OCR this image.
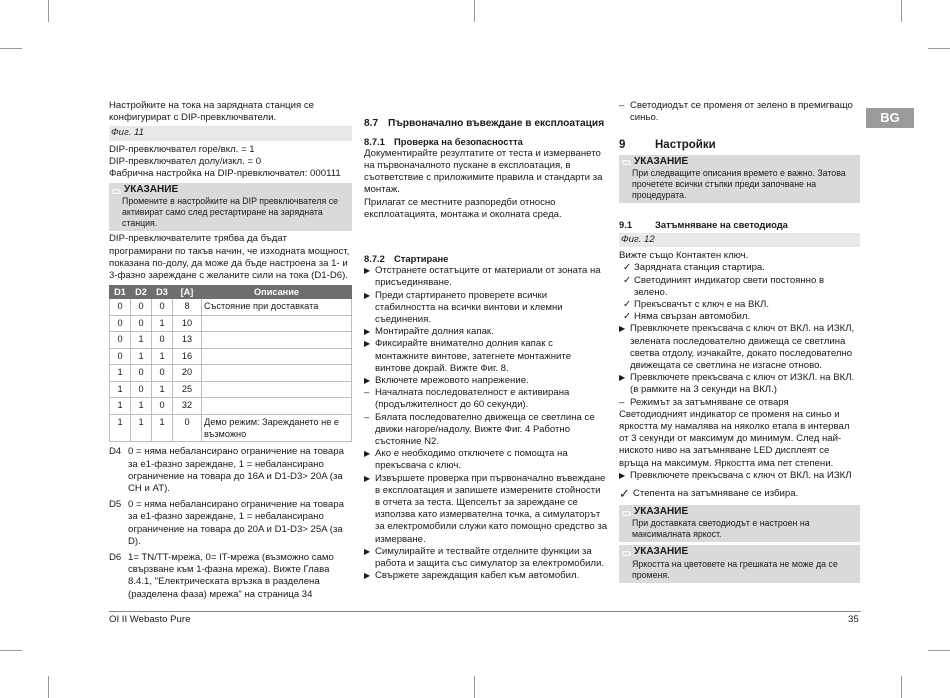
BG

Настройките на тока на зарядната станция се конфигурират с DIP-превключватели.

Фиг. 11

DIP-превключвател горе/вкл. = 1

DIP-превключвател долу/изкл. = 0

Фабрична настройка на DIP-превключвател: 000111

УКАЗАНИЕ
Промените в настройките на DIP превключвателя се активират само след рестартиране на зарядната станция.

DIP-превключвателите трябва да бъдат програмирани по такъв начин, че изходната мощност, показана по-долу, да може да бъде настроена за 1- и 3-фазно зареждане с желаните сили на тока (D1-D6).

D1	D2	D3	[A]	Описание
0	0	0	8	Състояние при доставката
0	0	1	10	
0	1	0	13	
0	1	1	16	
1	0	0	20	
1	0	1	25	
1	1	0	32	
1	1	1	0	Демо режим: Зареждането не е възможно
D4 0 = няма небалансирано ограничение на товара за е1-фазно зареждане, 1 = небалансирано ограничение на товара до 16A и D1-D3> 20A (за CH и AT).
D5 0 = няма небалансирано ограничение на товара за е1-фазно зареждане, 1 = небалансирано ограничение на товара до 20A и D1-D3> 25A (за D).
D6 1= TN/TT-мрежа, 0= IT-мрежа (възможно само свързване към 1-фазна мрежа). Вижте Глава 8.4.1, "Електрическата връзка в разделена (разделена фаза) мрежа" на страница 34
8.7 Първоначално въвеждане в експлоатация
8.7.1 Проверка на безопасността

Документирайте резултатите от теста и измерването на първоначалното пускане в експлоатация, в съответствие с приложимите правила и стандарти за монтаж.

Прилагат се местните разпоредби относно експлоатацията, монтажа и околната среда.

8.7.2 Стартиране
▶ Отстранете остатъците от материали от зоната на присъединяване.
▶ Преди стартирането проверете всички стабилността на всички винтови и клемни съединения.
▶ Монтирайте долния капак.
▶ Фиксирайте внимателно долния капак с монтажните винтове, затегнете монтажните винтове докрай. Вижте Фиг. 8.
▶ Включете мрежовото напрежение.
– Началната последователност е активирана (продължителност до 60 секунди).
– Бялата последователно движеща се светлина се движи нагоре/надолу. Вижте Фиг. 4 Работно състояние N2.
▶ Ако е необходимо отключете с помощта на прекъсвача с ключ.
▶ Извършете проверка при първоначално въвеждане в експлоатация и запишете измерените стойности в отчета за теста. Щепселът за зареждане се използва като измервателна точка, а симулаторът за електромобили служи като помощно средство за измерване.
▶ Симулирайте и тествайте отделните функции за работа и защита със симулатор за електромобили.
▶ Свържете зареждащия кабел към автомобил.
– Светодиодът се променя от зелено в премигващо синьо.
9	Настройки
УКАЗАНИЕ
При следващите описания времето е важно. Затова прочетете всички стъпки преди започване на процедурата.
9.1	Затъмняване на светодиода
Фиг. 12

Вижте също Контактен ключ.

✓ Зарядната станция стартира.
✓ Светодиният индикатор свети постоянно в зелено.
✓ Прекъсвачът с ключ е на ВКЛ.
✓ Няма свързан автомобил.
▶ Превключете прекъсвача с ключ от ВКЛ. на ИЗКЛ, зелената последователно движеща се светлина светва отдолу, изчакайте, докато последователно движещата се светлина не изгасне отново.
▶ Превключете прекъсвача с ключ от ИЗКЛ. на ВКЛ. (в рамките на 3 секунди на ВКЛ.)
– Режимът за затъмняване се отваря

Светодиодният индикатор се променя на синьо и яркостта му намалява на няколко етапа в интервал от 3 секунди от максимум до минимум. След най-ниското ниво на затъмняване LED дисплеят се връща на максимум. Яркостта има пет степени.

▶ Превключете прекъсвача с ключ от ВКЛ. на ИЗКЛ
✓ Степента на затъмняване се избира.
УКАЗАНИЕ
При доставката светодиодът е настроен на максималната яркост.
УКАЗАНИЕ
Яркостта на цветовете на грешката не може да се променя.
OI II Webasto Pure	35
